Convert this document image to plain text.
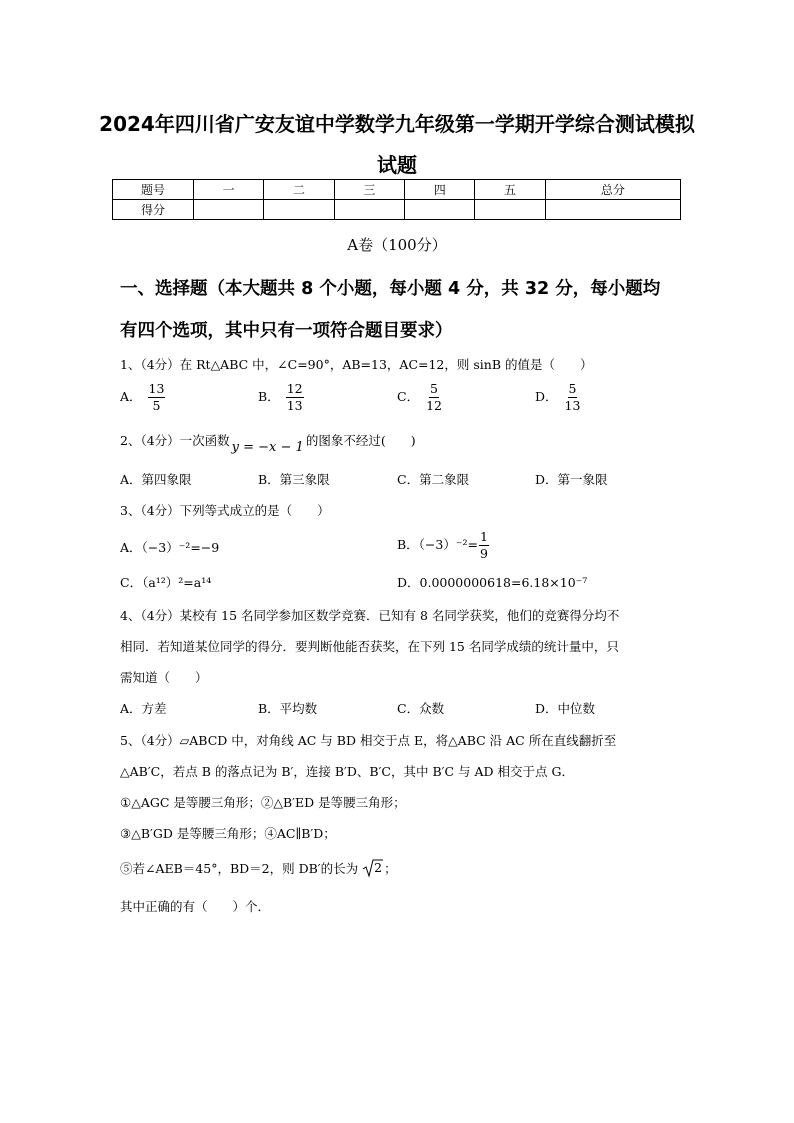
2024年四川省广安友谊中学数学九年级第一学期开学综合测试模拟
试题
题号	一	二	三	四	五	总分
得分						
A卷（100分）
一、选择题（本大题共 8 个小题，每小题 4 分，共 32 分，每小题均
有四个选项，其中只有一项符合题目要求）
1、（4分）在 Rt△ABC 中，∠C=90°，AB=13，AC=12，则 sinB 的值是（　　）
A． $\frac{13}{5}$	B． $\frac{12}{13}$	C． $\frac{5}{12}$	D． $\frac{5}{13}$
2、（4分）一次函数 y = −x − 1 的图象不经过(　　)
A．第四象限	B．第三象限	C．第二象限	D．第一象限
3、（4分）下列等式成立的是（　　）
A．（−3）⁻²=−9	B．$(-3)^{-2}= \frac{1}{9}$
C．（a¹²）²=a¹⁴	D．0.0000000618=6.18×10⁻⁷
4、（4分）某校有 15 名同学参加区数学竞赛．已知有 8 名同学获奖，他们的竞赛得分均不
相同．若知道某位同学的得分．要判断他能否获奖，在下列 15 名同学成绩的统计量中，只
需知道（　　）
A．方差	B．平均数	C．众数	D．中位数
5、（4分）▱ABCD 中，对角线 AC 与 BD 相交于点 E，将△ABC 沿 AC 所在直线翻折至
△AB′C，若点 B 的落点记为 B′，连接 B′D、B′C，其中 B′C 与 AD 相交于点 G．
①△AGC 是等腰三角形；②△B′ED 是等腰三角形；
③△B′GD 是等腰三角形；④AC∥B′D；
⑤若∠AEB＝45°，BD＝2，则 DB′的长为 2 ；
其中正确的有（　　）个．
